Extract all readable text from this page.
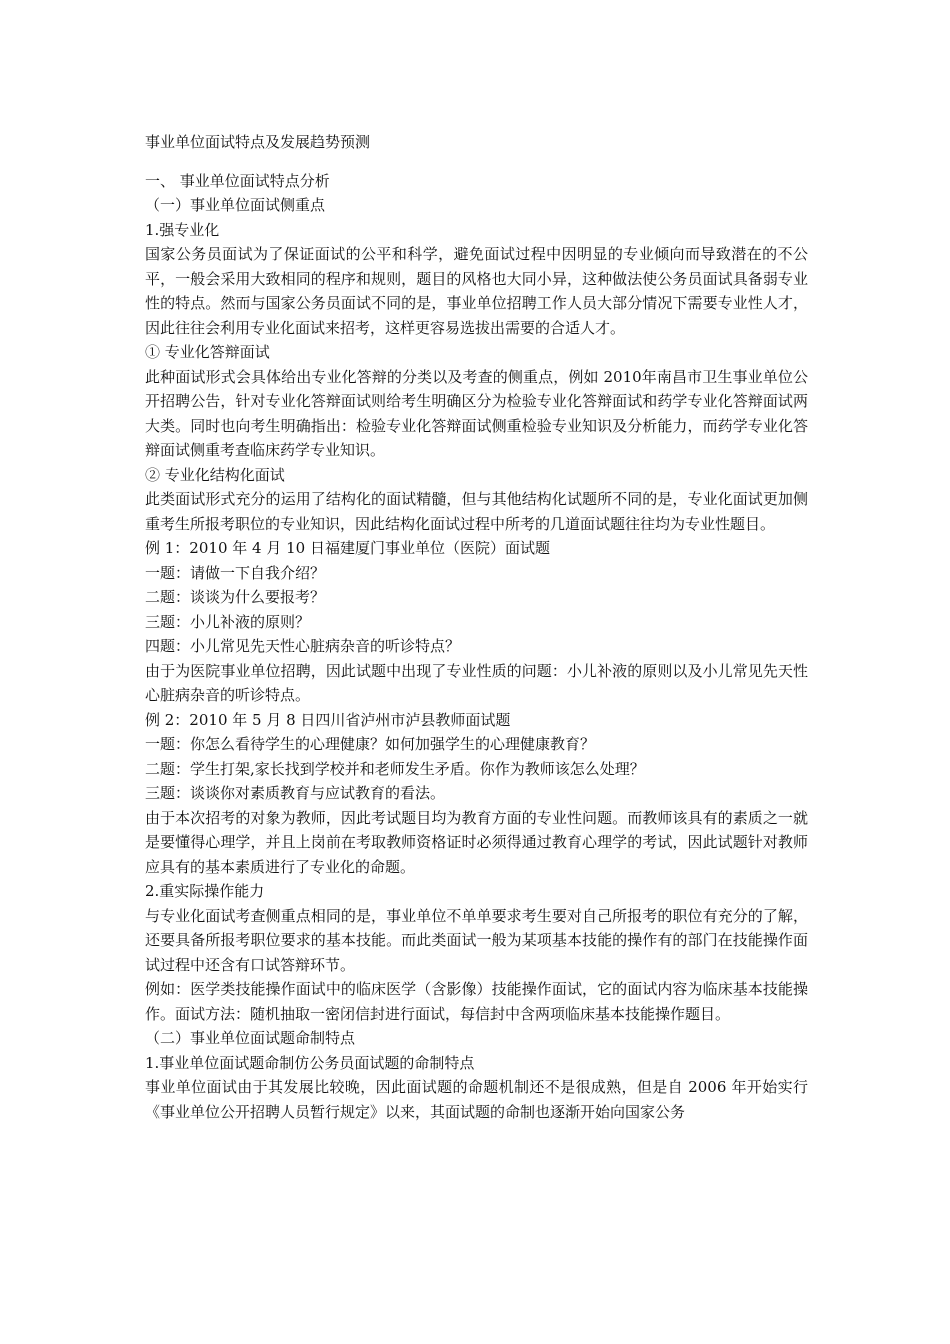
事业单位面试特点及发展趋势预测

一、 事业单位面试特点分析

（一）事业单位面试侧重点

1.强专业化

国家公务员面试为了保证面试的公平和科学，避免面试过程中因明显的专业倾向而导致潜在的不公平，一般会采用大致相同的程序和规则，题目的风格也大同小异，这种做法使公务员面试具备弱专业性的特点。然而与国家公务员面试不同的是，事业单位招聘工作人员大部分情况下需要专业性人才，因此往往会利用专业化面试来招考，这样更容易选拔出需要的合适人才。

① 专业化答辩面试

此种面试形式会具体给出专业化答辩的分类以及考查的侧重点，例如 2010年南昌市卫生事业单位公开招聘公告，针对专业化答辩面试则给考生明确区分为检验专业化答辩面试和药学专业化答辩面试两大类。同时也向考生明确指出：检验专业化答辩面试侧重检验专业知识及分析能力，而药学专业化答辩面试侧重考查临床药学专业知识。

② 专业化结构化面试

此类面试形式充分的运用了结构化的面试精髓，但与其他结构化试题所不同的是，专业化面试更加侧重考生所报考职位的专业知识，因此结构化面试过程中所考的几道面试题往往均为专业性题目。

例 1：2010 年 4 月 10 日福建厦门事业单位（医院）面试题

一题：请做一下自我介绍？

二题：谈谈为什么要报考？

三题：小儿补液的原则？

四题：小儿常见先天性心脏病杂音的听诊特点？

由于为医院事业单位招聘，因此试题中出现了专业性质的问题：小儿补液的原则以及小儿常见先天性心脏病杂音的听诊特点。

例 2：2010 年 5 月 8 日四川省泸州市泸县教师面试题

一题：你怎么看待学生的心理健康？如何加强学生的心理健康教育？

二题：学生打架,家长找到学校并和老师发生矛盾。你作为教师该怎么处理？

三题：谈谈你对素质教育与应试教育的看法。

由于本次招考的对象为教师，因此考试题目均为教育方面的专业性问题。而教师该具有的素质之一就是要懂得心理学，并且上岗前在考取教师资格证时必须得通过教育心理学的考试，因此试题针对教师应具有的基本素质进行了专业化的命题。

2.重实际操作能力

与专业化面试考查侧重点相同的是，事业单位不单单要求考生要对自己所报考的职位有充分的了解，还要具备所报考职位要求的基本技能。而此类面试一般为某项基本技能的操作有的部门在技能操作面试过程中还含有口试答辩环节。

例如：医学类技能操作面试中的临床医学（含影像）技能操作面试，它的面试内容为临床基本技能操作。面试方法：随机抽取一密闭信封进行面试，每信封中含两项临床基本技能操作题目。

（二）事业单位面试题命制特点

1.事业单位面试题命制仿公务员面试题的命制特点

事业单位面试由于其发展比较晚，因此面试题的命题机制还不是很成熟，但是自 2006 年开始实行《事业单位公开招聘人员暂行规定》以来，其面试题的命制也逐渐开始向国家公务
